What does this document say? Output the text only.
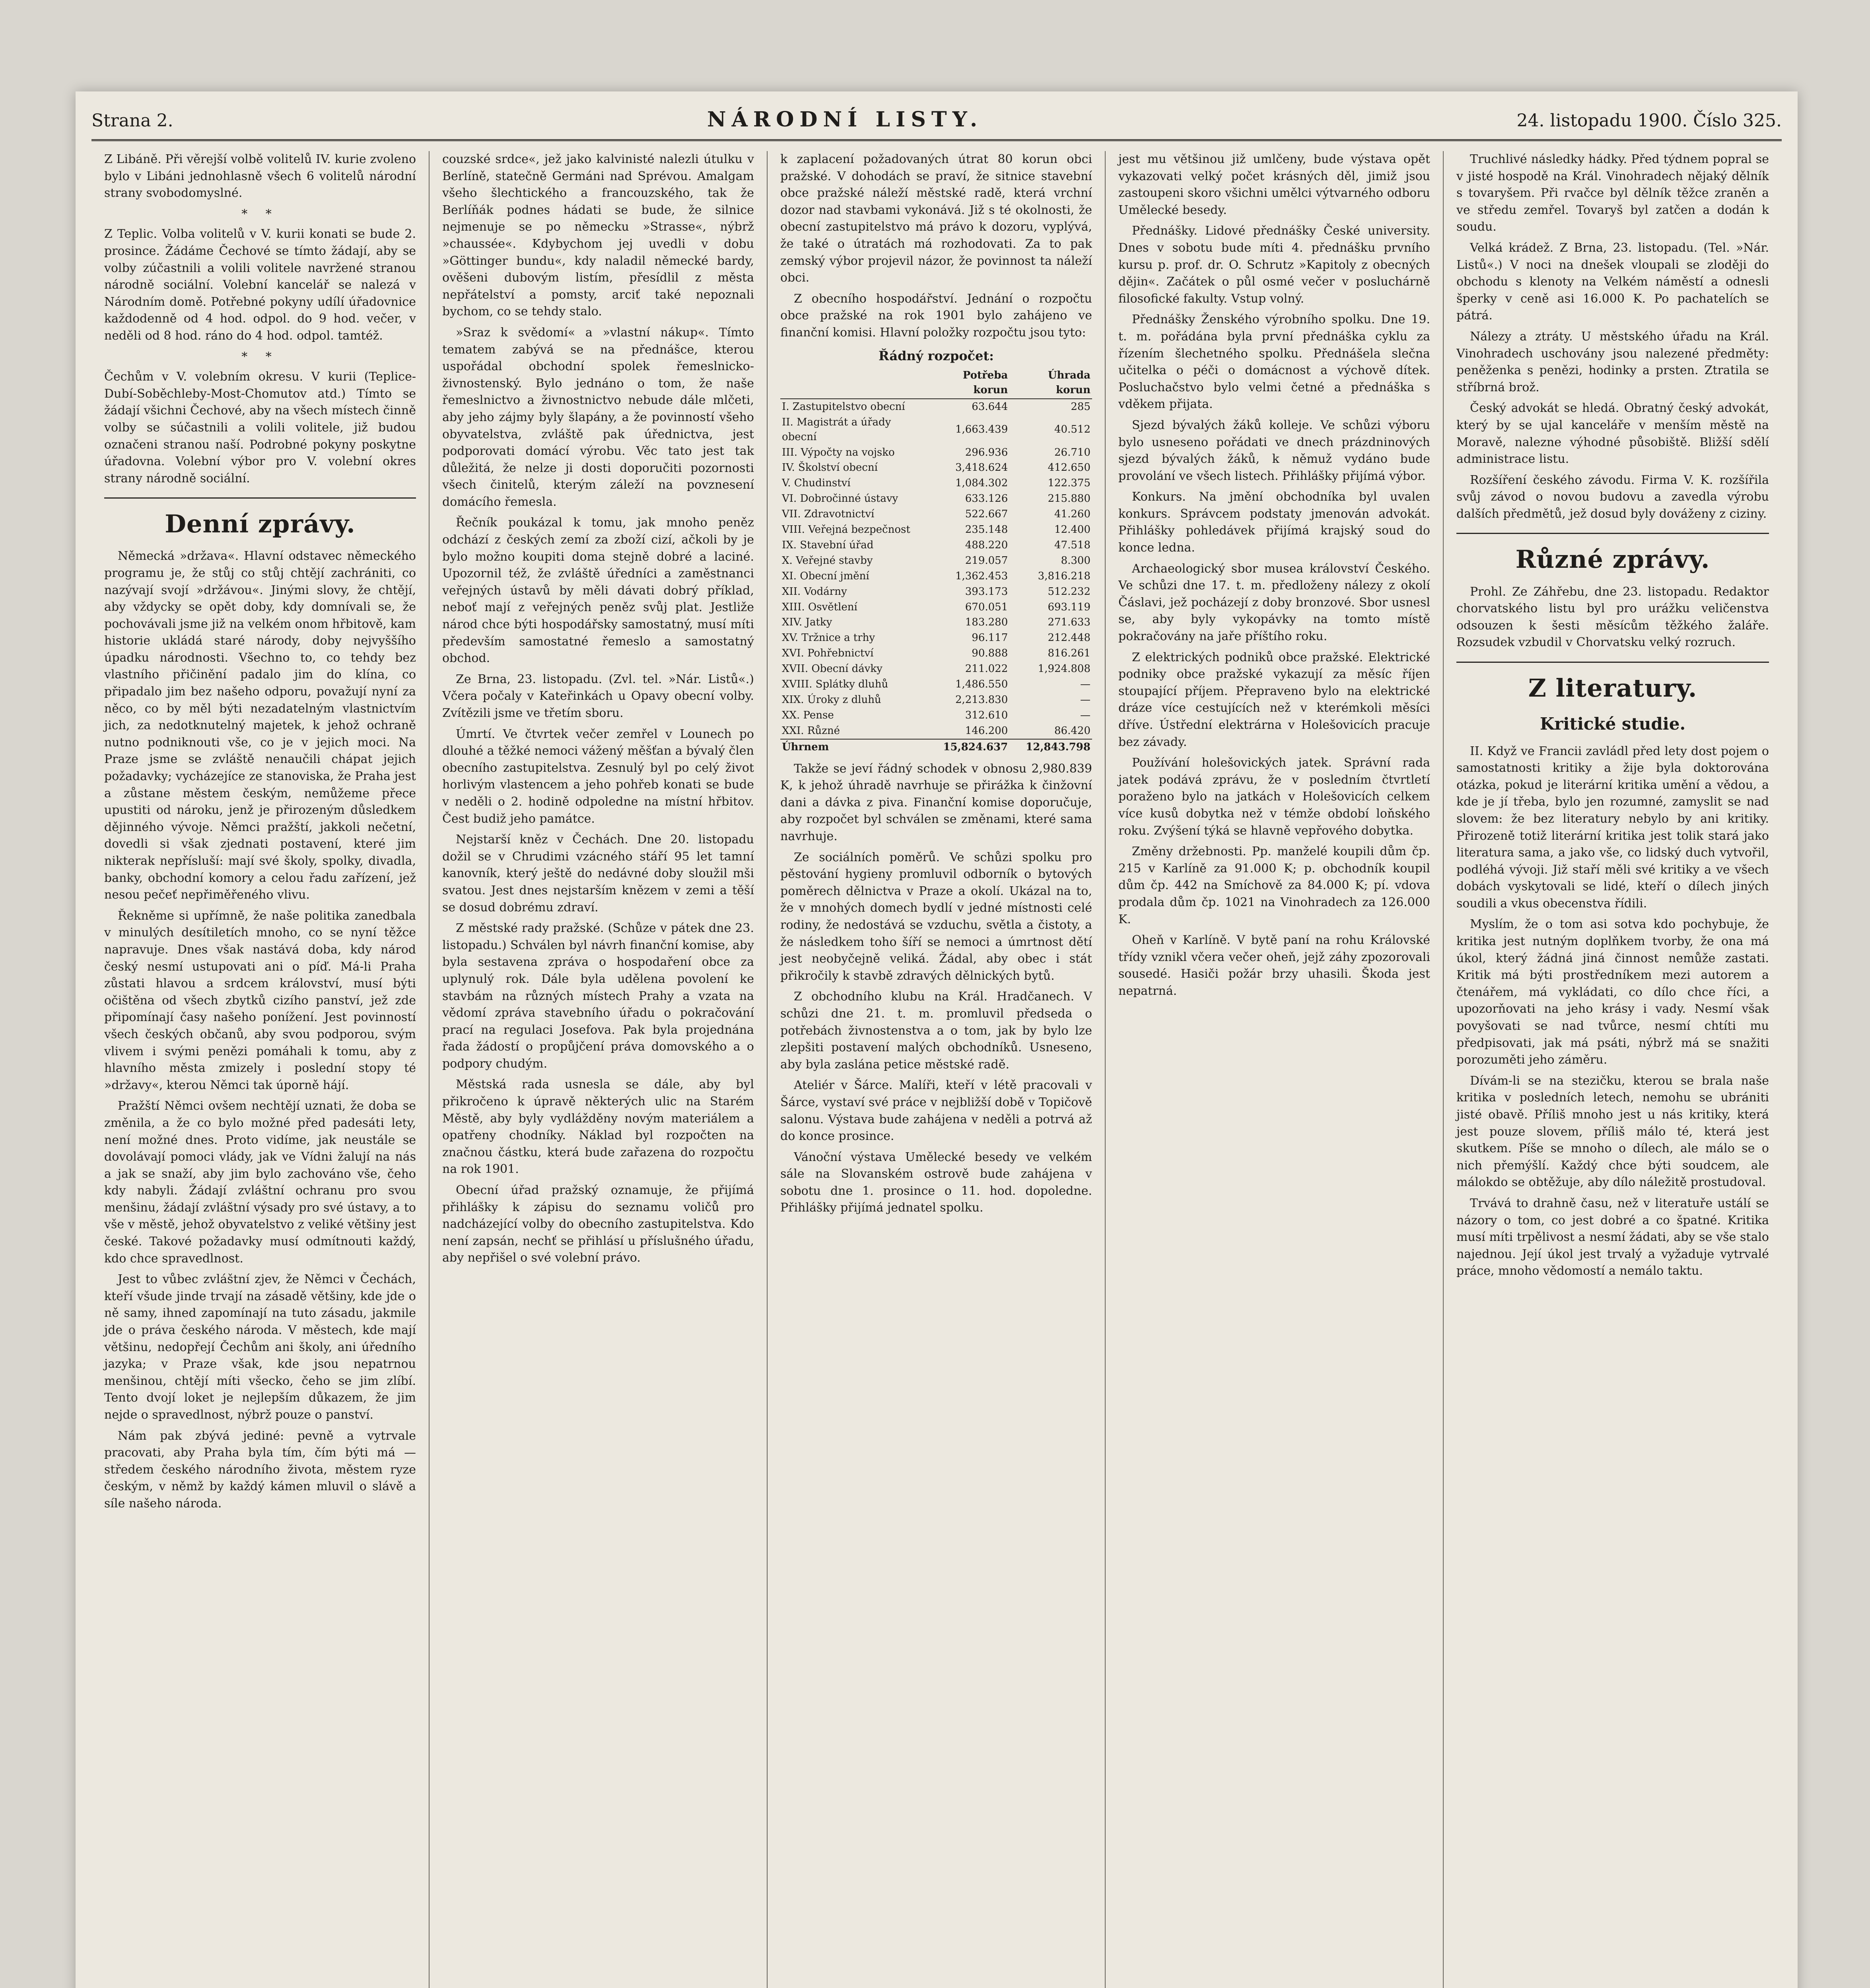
Strana 2.	NÁRODNÍ LISTY.	24. listopadu 1900. Číslo 325.

Z Libáně. Při věrejší volbě volitelů IV. kurie zvoleno bylo v Libáni jednohlasně všech 6 volitelů národní strany svobodomyslné.

* *

Z Teplic. Volba volitelů v V. kurii konati se bude 2. prosince. Žádáme Čechové se tímto žádají, aby se volby zúčastnili a volili volitele navržené stranou národně sociální. Volební kancelář se nalezá v Národním domě. Potřebné pokyny udílí úřadovnice každodenně od 4 hod. odpol. do 9 hod. večer, v neděli od 8 hod. ráno do 4 hod. odpol. tamtéž.

* *

Čechům v V. volebním okresu. V kurii (Teplice-Dubí-Soběchleby-Most-Chomutov atd.) Tímto se žádají všichni Čechové, aby na všech místech činně volby se súčastnili a volili volitele, již budou označeni stranou naší. Podrobné pokyny poskytne úřadovna. Volební výbor pro V. volební okres strany národně sociální.

Denní zprávy.

Německá »država«. Hlavní odstavec německého programu je, že stůj co stůj chtějí zachrániti, co nazývají svojí »držávou«. Jinými slovy, že chtějí, aby vždycky se opět doby, kdy domnívali se, že pochovávali jsme již na velkém onom hřbitově, kam historie ukládá staré národy, doby nejvyššího úpadku národnosti. Všechno to, co tehdy bez vlastního přičinění padalo jim do klína, co připadalo jim bez našeho odporu, považují nyní za něco, co by měl býti nezadatelným vlastnictvím jich, za nedotknutelný majetek, k jehož ochraně nutno podniknouti vše, co je v jejich moci. Na Praze jsme se zvláště nenaučili chápat jejich požadavky; vycházejíce ze stanoviska, že Praha jest a zůstane městem českým, nemůžeme přece upustiti od nároku, jenž je přirozeným důsledkem dějinného vývoje. Němci pražští, jakkoli nečetní, dovedli si však zjednati postavení, které jim nikterak nepřísluší: mají své školy, spolky, divadla, banky, obchodní komory a celou řadu zařízení, jež nesou pečeť nepřiměřeného vlivu.

Řekněme si upřímně, že naše politika zanedbala v minulých desítiletích mnoho, co se nyní těžce napravuje. Dnes však nastává doba, kdy národ český nesmí ustupovati ani o píď. Má-li Praha zůstati hlavou a srdcem království, musí býti očištěna od všech zbytků cizího panství, jež zde připomínají časy našeho ponížení. Jest povinností všech českých občanů, aby svou podporou, svým vlivem i svými penězi pomáhali k tomu, aby z hlavního města zmizely i poslední stopy té »državy«, kterou Němci tak úporně hájí.

Pražští Němci ovšem nechtějí uznati, že doba se změnila, a že co bylo možné před padesáti lety, není možné dnes. Proto vidíme, jak neustále se dovolávají pomoci vlády, jak ve Vídni žalují na nás a jak se snaží, aby jim bylo zachováno vše, čeho kdy nabyli. Žádají zvláštní ochranu pro svou menšinu, žádají zvláštní výsady pro své ústavy, a to vše v městě, jehož obyvatelstvo z veliké většiny jest české. Takové požadavky musí odmítnouti každý, kdo chce spravedlnost.

Jest to vůbec zvláštní zjev, že Němci v Čechách, kteří všude jinde trvají na zásadě většiny, kde jde o ně samy, ihned zapomínají na tuto zásadu, jakmile jde o práva českého národa. V městech, kde mají většinu, nedopřejí Čechům ani školy, ani úředního jazyka; v Praze však, kde jsou nepatrnou menšinou, chtějí míti všecko, čeho se jim zlíbí. Tento dvojí loket je nejlepším důkazem, že jim nejde o spravedlnost, nýbrž pouze o panství.

Nám pak zbývá jediné: pevně a vytrvale pracovati, aby Praha byla tím, čím býti má — středem českého národního života, městem ryze českým, v němž by každý kámen mluvil o slávě a síle našeho národa.

couzské srdce«, jež jako kalvinisté nalezli útulku v Berlíně, statečně Germáni nad Sprévou. Amalgam všeho šlechtického a francouzského, tak že Berlíňák podnes hádati se bude, že silnice nejmenuje se po německu »Strasse«, nýbrž »chaussée«. Kdybychom jej uvedli v dobu »Göttinger bundu«, kdy naladil německé bardy, ověšeni dubovým listím, přesídlil z města nepřátelství a pomsty, arciť také nepoznali bychom, co se tehdy stalo.

»Sraz k svědomí« a »vlastní nákup«. Tímto tematem zabývá se na přednášce, kterou uspořádal obchodní spolek řemeslnicko-živnostenský. Bylo jednáno o tom, že naše řemeslnictvo a živnostnictvo nebude dále mlčeti, aby jeho zájmy byly šlapány, a že povinností všeho obyvatelstva, zvláště pak úřednictva, jest podporovati domácí výrobu. Věc tato jest tak důležitá, že nelze ji dosti doporučiti pozornosti všech činitelů, kterým záleží na povznesení domácího řemesla.

Řečník poukázal k tomu, jak mnoho peněz odchází z českých zemí za zboží cizí, ačkoli by je bylo možno koupiti doma stejně dobré a laciné. Upozornil též, že zvláště úředníci a zaměstnanci veřejných ústavů by měli dávati dobrý příklad, neboť mají z veřejných peněz svůj plat. Jestliže národ chce býti hospodářsky samostatný, musí míti především samostatné řemeslo a samostatný obchod.

Ze Brna, 23. listopadu. (Zvl. tel. »Nár. Listů«.) Včera počaly v Kateřinkách u Opavy obecní volby. Zvítězili jsme ve třetím sboru.

Úmrtí. Ve čtvrtek večer zemřel v Lounech po dlouhé a těžké nemoci vážený měšťan a bývalý člen obecního zastupitelstva. Zesnulý byl po celý život horlivým vlastencem a jeho pohřeb konati se bude v neděli o 2. hodině odpoledne na místní hřbitov. Čest budiž jeho památce.

Nejstarší kněz v Čechách. Dne 20. listopadu dožil se v Chrudimi vzácného stáří 95 let tamní kanovník, který ještě do nedávné doby sloužil mši svatou. Jest dnes nejstarším knězem v zemi a těší se dosud dobrému zdraví.

Z městské rady pražské. (Schůze v pátek dne 23. listopadu.) Schválen byl návrh finanční komise, aby byla sestavena zpráva o hospodaření obce za uplynulý rok. Dále byla udělena povolení ke stavbám na různých místech Prahy a vzata na vědomí zpráva stavebního úřadu o pokračování prací na regulaci Josefova. Pak byla projednána řada žádostí o propůjčení práva domovského a o podpory chudým.

Městská rada usnesla se dále, aby byl přikročeno k úpravě některých ulic na Starém Městě, aby byly vydlážděny novým materiálem a opatřeny chodníky. Náklad byl rozpočten na značnou částku, která bude zařazena do rozpočtu na rok 1901.

Obecní úřad pražský oznamuje, že přijímá přihlášky k zápisu do seznamu voličů pro nadcházející volby do obecního zastupitelstva. Kdo není zapsán, nechť se přihlásí u příslušného úřadu, aby nepřišel o své volební právo.

k zaplacení požadovaných útrat 80 korun obci pražské. V dohodách se praví, že sitnice stavební obce pražské náleží městské radě, která vrchní dozor nad stavbami vykonává. Již s té okolnosti, že obecní zastupitelstvo má právo k dozoru, vyplývá, že také o útratách má rozhodovati. Za to pak zemský výbor projevil názor, že povinnost ta náleží obci.

Z obecního hospodářství. Jednání o rozpočtu obce pražské na rok 1901 bylo zahájeno ve finanční komisi. Hlavní položky rozpočtu jsou tyto:

Řádný rozpočet:
	Potřeba korun	Úhrada korun
I. Zastupitelstvo obecní	63.644	285
II. Magistrát a úřady obecní	1,663.439	40.512
III. Výpočty na vojsko	296.936	26.710
IV. Školství obecní	3,418.624	412.650
V. Chudinství	1,084.302	122.375
VI. Dobročinné ústavy	633.126	215.880
VII. Zdravotnictví	522.667	41.260
VIII. Veřejná bezpečnost	235.148	12.400
IX. Stavební úřad	488.220	47.518
X. Veřejné stavby	219.057	8.300
XI. Obecní jmění	1,362.453	3,816.218
XII. Vodárny	393.173	512.232
XIII. Osvětlení	670.051	693.119
XIV. Jatky	183.280	271.633
XV. Tržnice a trhy	96.117	212.448
XVI. Pohřebnictví	90.888	816.261
XVII. Obecní dávky	211.022	1,924.808
XVIII. Splátky dluhů	1,486.550	—
XIX. Úroky z dluhů	2,213.830	—
XX. Pense	312.610	—
XXI. Různé	146.200	86.420
Úhrnem	15,824.637	12,843.798

Takže se jeví řádný schodek v obnosu 2,980.839 K, k jehož úhradě navrhuje se přirážka k činžovní dani a dávka z piva. Finanční komise doporučuje, aby rozpočet byl schválen se změnami, které sama navrhuje.

Ze sociálních poměrů. Ve schůzi spolku pro pěstování hygieny promluvil odborník o bytových poměrech dělnictva v Praze a okolí. Ukázal na to, že v mnohých domech bydlí v jedné místnosti celé rodiny, že nedostává se vzduchu, světla a čistoty, a že následkem toho šíří se nemoci a úmrtnost dětí jest neobyčejně veliká. Žádal, aby obec i stát přikročily k stavbě zdravých dělnických bytů.

Z obchodního klubu na Král. Hradčanech. V schůzi dne 21. t. m. promluvil předseda o potřebách živnostenstva a o tom, jak by bylo lze zlepšiti postavení malých obchodníků. Usneseno, aby byla zaslána petice městské radě.

Ateliér v Šárce. Malíři, kteří v létě pracovali v Šárce, vystaví své práce v nejbližší době v Topičově salonu. Výstava bude zahájena v neděli a potrvá až do konce prosince.

Vánoční výstava Umělecké besedy ve velkém sále na Slovanském ostrově bude zahájena v sobotu dne 1. prosince o 11. hod. dopoledne. Přihlášky přijímá jednatel spolku.

jest mu většinou již umlčeny, bude výstava opět vykazovati velký počet krásných děl, jimiž jsou zastoupeni skoro všichni umělci výtvarného odboru Umělecké besedy.

Přednášky. Lidové přednášky České university. Dnes v sobotu bude míti 4. přednášku prvního kursu p. prof. dr. O. Schrutz »Kapitoly z obecných dějin«. Začátek o půl osmé večer v posluchárně filosofické fakulty. Vstup volný.

Přednášky Ženského výrobního spolku. Dne 19. t. m. pořádána byla první přednáška cyklu za řízením šlechetného spolku. Přednášela slečna učitelka o péči o domácnost a výchově dítek. Posluchačstvo bylo velmi četné a přednáška s vděkem přijata.

Sjezd bývalých žáků kolleje. Ve schůzi výboru bylo usneseno pořádati ve dnech prázdninových sjezd bývalých žáků, k němuž vydáno bude provolání ve všech listech. Přihlášky přijímá výbor.

Konkurs. Na jmění obchodníka byl uvalen konkurs. Správcem podstaty jmenován advokát. Přihlášky pohledávek přijímá krajský soud do konce ledna.

Archaeologický sbor musea království Českého. Ve schůzi dne 17. t. m. předloženy nálezy z okolí Čáslavi, jež pocházejí z doby bronzové. Sbor usnesl se, aby byly vykopávky na tomto místě pokračovány na jaře příštího roku.

Z elektrických podniků obce pražské. Elektrické podniky obce pražské vykazují za měsíc říjen stoupající příjem. Přepraveno bylo na elektrické dráze více cestujících než v kterémkoli měsíci dříve. Ústřední elektrárna v Holešovicích pracuje bez závady.

Používání holešovických jatek. Správní rada jatek podává zprávu, že v posledním čtvrtletí poraženo bylo na jatkách v Holešovicích celkem více kusů dobytka než v témže období loňského roku. Zvýšení týká se hlavně vepřového dobytka.

Změny držebnosti. Pp. manželé koupili dům čp. 215 v Karlíně za 91.000 K; p. obchodník koupil dům čp. 442 na Smíchově za 84.000 K; pí. vdova prodala dům čp. 1021 na Vinohradech za 126.000 K.

Oheň v Karlíně. V bytě paní na rohu Královské třídy vznikl včera večer oheň, jejž záhy zpozorovali sousedé. Hasiči požár brzy uhasili. Škoda jest nepatrná.

Truchlivé následky hádky. Před týdnem popral se v jisté hospodě na Král. Vinohradech nějaký dělník s tovaryšem. Při rvačce byl dělník těžce zraněn a ve středu zemřel. Tovaryš byl zatčen a dodán k soudu.

Velká krádež. Z Brna, 23. listopadu. (Tel. »Nár. Listů«.) V noci na dnešek vloupali se zloději do obchodu s klenoty na Velkém náměstí a odnesli šperky v ceně asi 16.000 K. Po pachatelích se pátrá.

Nálezy a ztráty. U městského úřadu na Král. Vinohradech uschovány jsou nalezené předměty: peněženka s penězi, hodinky a prsten. Ztratila se stříbrná brož.

Český advokát se hledá. Obratný český advokát, který by se ujal kanceláře v menším městě na Moravě, nalezne výhodné působiště. Bližší sdělí administrace listu.

Rozšíření českého závodu. Firma V. K. rozšířila svůj závod o novou budovu a zavedla výrobu dalších předmětů, jež dosud byly dováženy z ciziny.

Různé zprávy.

Prohl. Ze Záhřebu, dne 23. listopadu. Redaktor chorvatského listu byl pro urážku veličenstva odsouzen k šesti měsícům těžkého žaláře. Rozsudek vzbudil v Chorvatsku velký rozruch.

Z literatury.
Kritické studie.

II. Když ve Francii zavládl před lety dost pojem o samostatnosti kritiky a žije byla doktorována otázka, pokud je literární kritika umění a vědou, a kde je jí třeba, bylo jen rozumné, zamyslit se nad slovem: že bez literatury nebylo by ani kritiky. Přirozeně totiž literární kritika jest tolik stará jako literatura sama, a jako vše, co lidský duch vytvořil, podléhá vývoji. Již staří měli své kritiky a ve všech dobách vyskytovali se lidé, kteří o dílech jiných soudili a vkus obecenstva řídili.

Myslím, že o tom asi sotva kdo pochybuje, že kritika jest nutným doplňkem tvorby, že ona má úkol, který žádná jiná činnost nemůže zastati. Kritik má býti prostředníkem mezi autorem a čtenářem, má vykládati, co dílo chce říci, a upozorňovati na jeho krásy i vady. Nesmí však povyšovati se nad tvůrce, nesmí chtíti mu předpisovati, jak má psáti, nýbrž má se snažiti porozuměti jeho záměru.

Dívám-li se na stezičku, kterou se brala naše kritika v posledních letech, nemohu se ubrániti jisté obavě. Příliš mnoho jest u nás kritiky, která jest pouze slovem, příliš málo té, která jest skutkem. Píše se mnoho o dílech, ale málo se o nich přemýšlí. Každý chce býti soudcem, ale málokdo se obtěžuje, aby dílo náležitě prostudoval.

Trvává to drahně času, než v literatuře ustálí se názory o tom, co jest dobré a co špatné. Kritika musí míti trpělivost a nesmí žádati, aby se vše stalo najednou. Její úkol jest trvalý a vyžaduje vytrvalé práce, mnoho vědomostí a nemálo taktu.
